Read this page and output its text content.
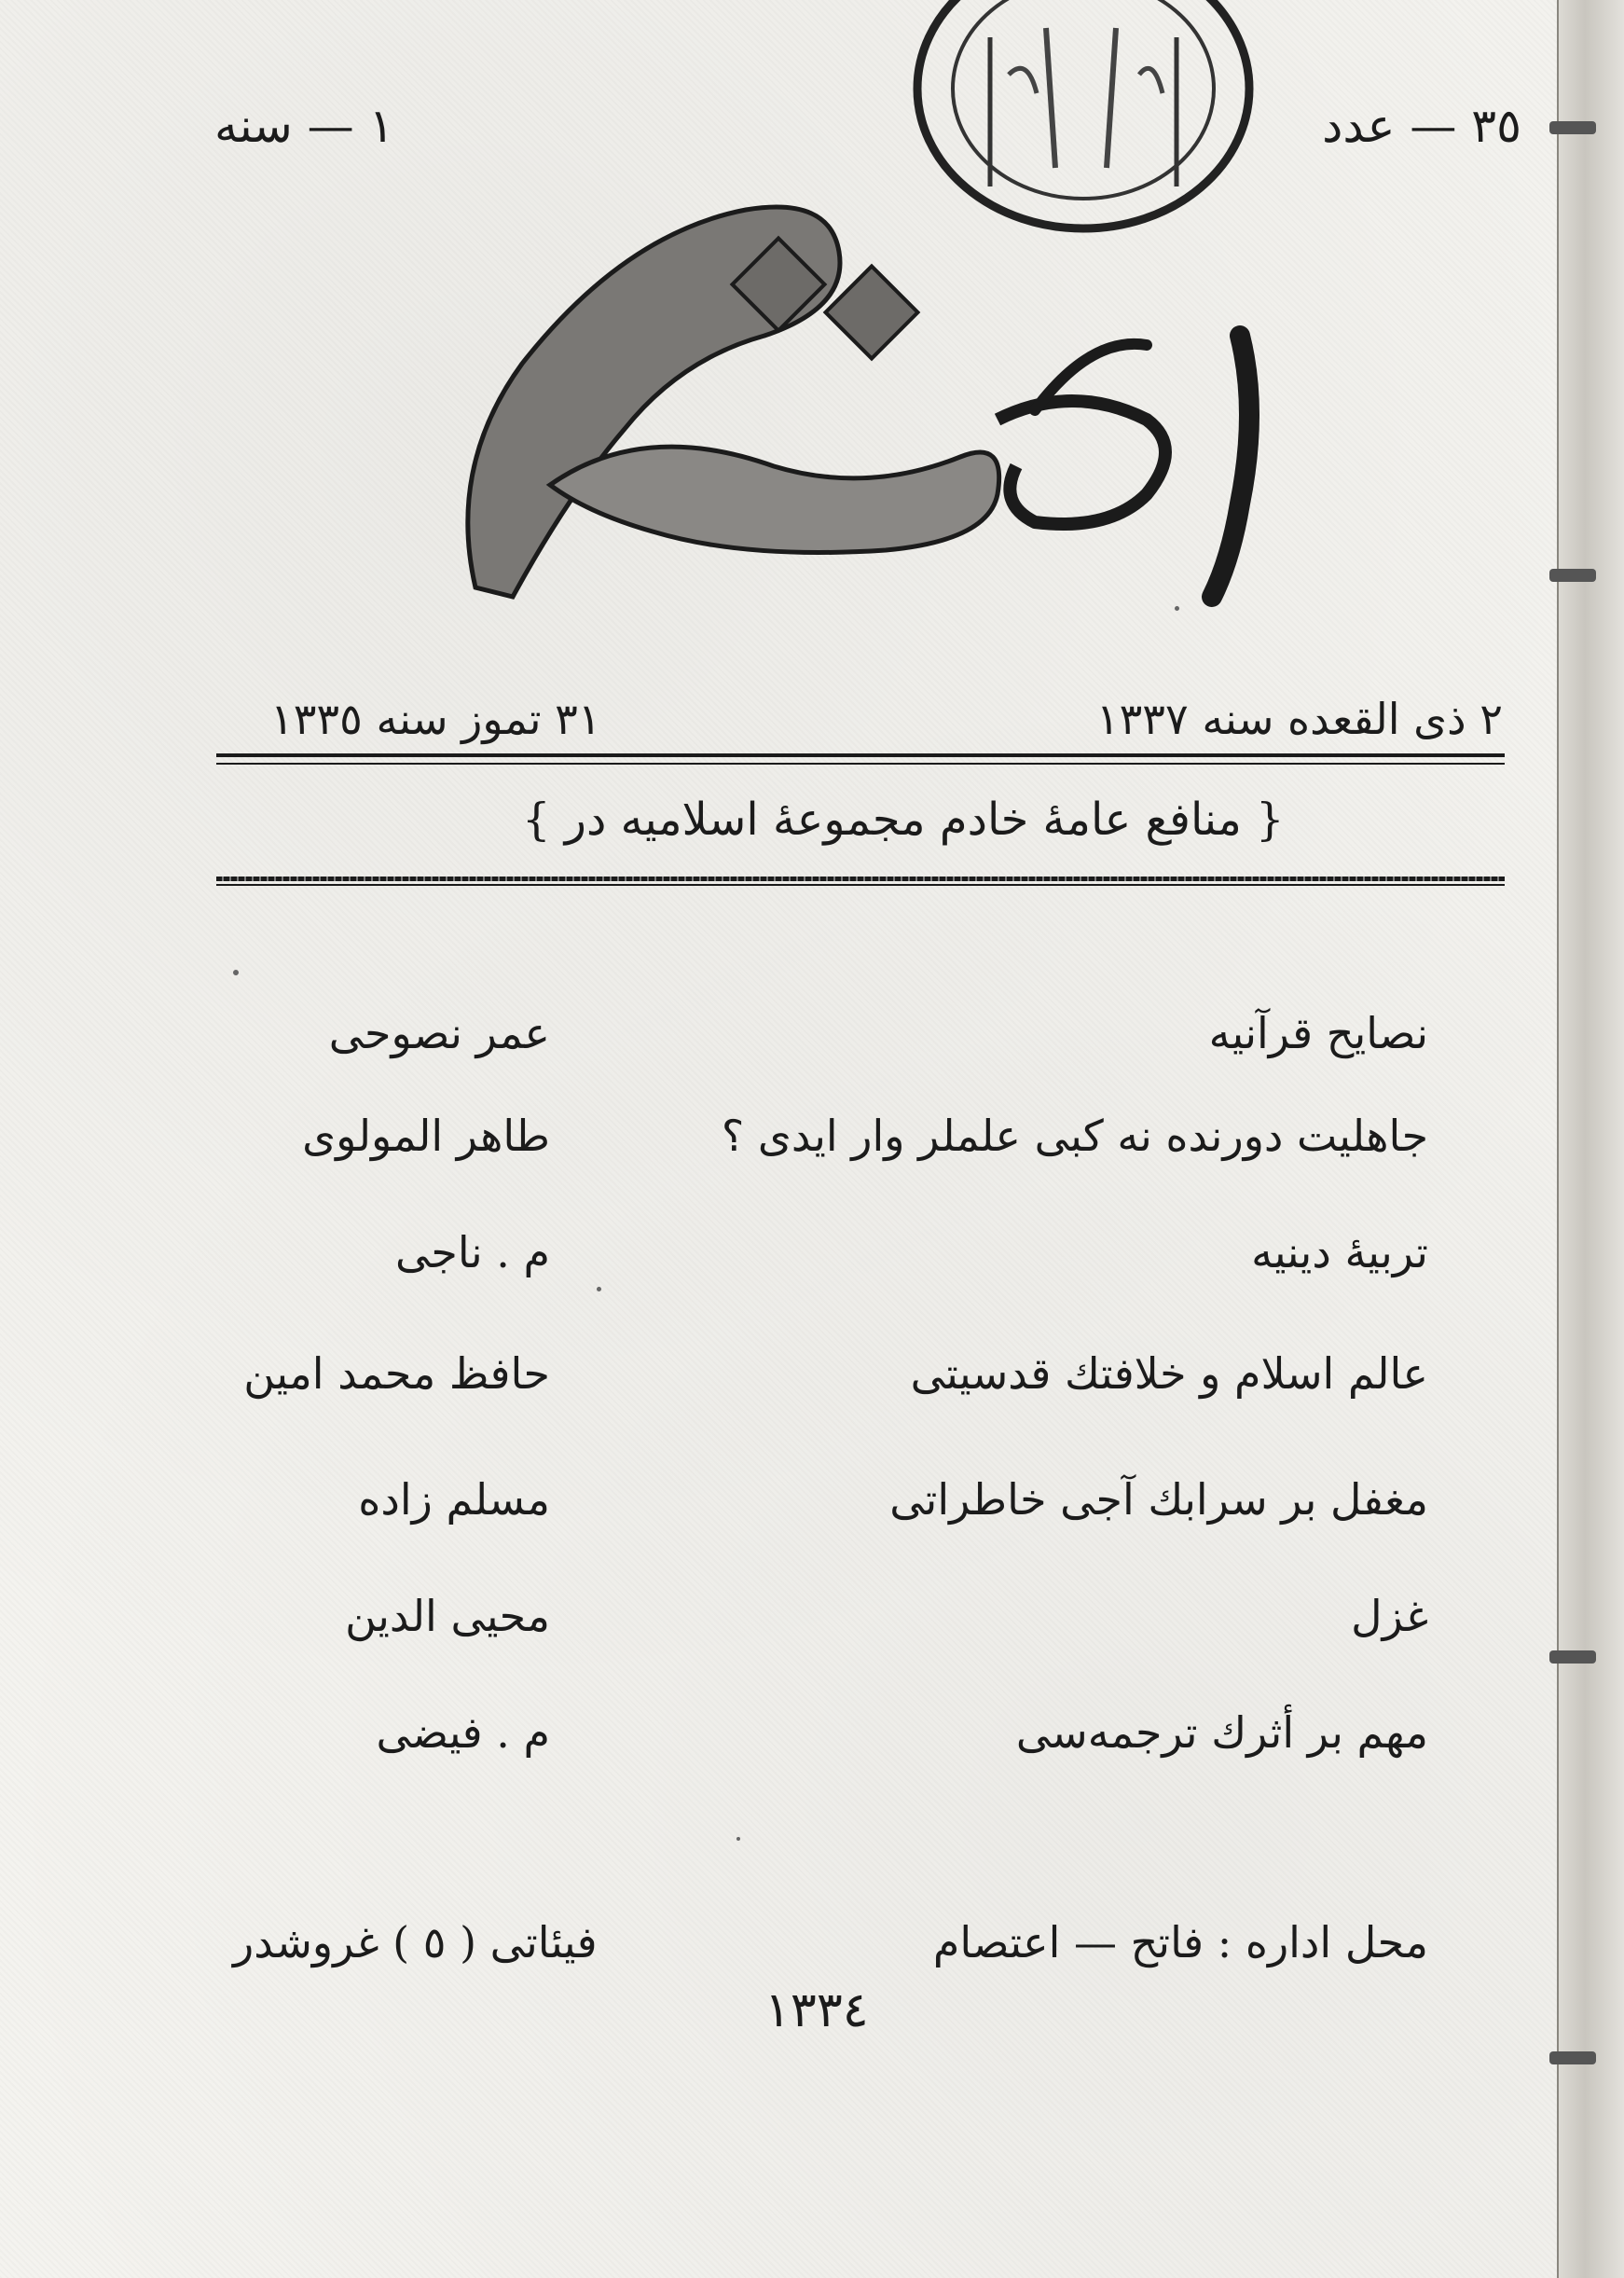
٣٥ — عدد
١ — سنه
٢ ذی القعده سنه ١٣٣٧
٣١ تموز سنه ١٣٣٥
{ منافع عامهٔ خادم مجموعهٔ اسلامیه در }
نصایح قرآنیه
عمر نصوحی
جاهلیت دورنده نه کبی علملر وار ایدی ؟
طاهر المولوی
تربیهٔ دینیه
م . ناجی
عالم اسلام و خلافتك قدسیتی
حافظ محمد امین
مغفل بر سرابك آجی خاطراتی
مسلم زاده
غزل
محیی الدین
مهم بر أثرك ترجمه‌سی
م . فیضی
محل اداره : فاتح — اعتصام
فیئاتی ( ٥ ) غروشدر
١٣٣٤
